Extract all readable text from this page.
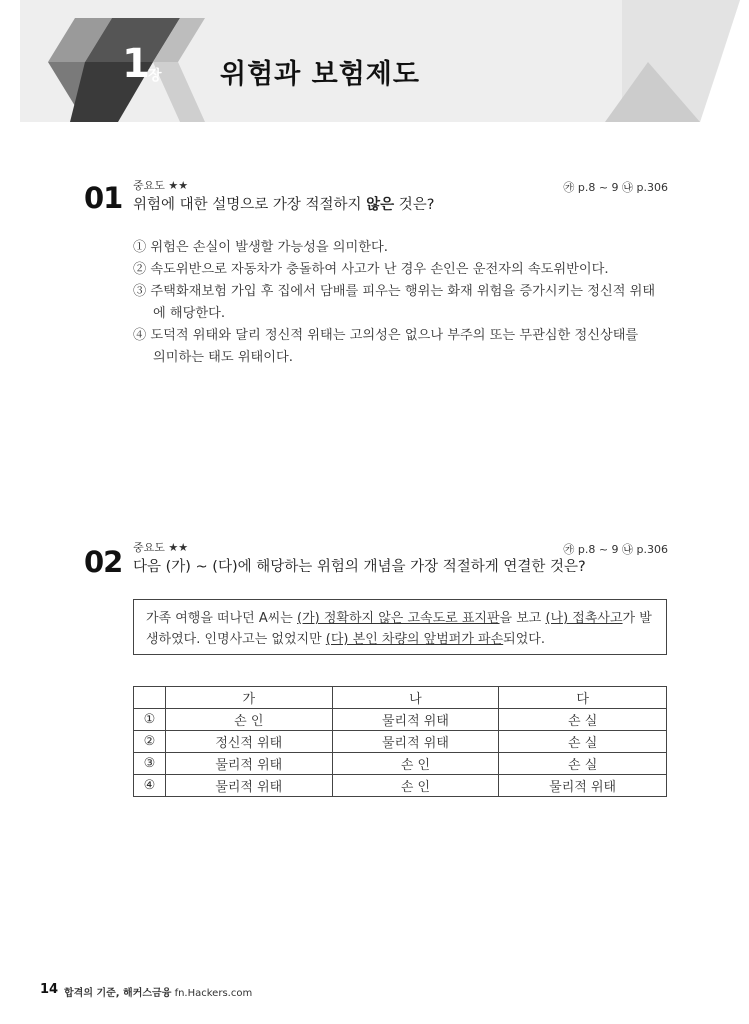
1
장 위험과 보험제도
01 중요도 ★★	㉮ p.8 ~ 9 ㉯ p.306
위험에 대한 설명으로 가장 적절하지 않은 것은?
① 위험은 손실이 발생할 가능성을 의미한다.
② 속도위반으로 자동차가 충돌하여 사고가 난 경우 손인은 운전자의 속도위반이다.
③ 주택화재보험 가입 후 집에서 담배를 피우는 행위는 화재 위험을 증가시키는 정신적 위태
에 해당한다.
④ 도덕적 위태와 달리 정신적 위태는 고의성은 없으나 부주의 또는 무관심한 정신상태를
의미하는 태도 위태이다.
02 중요도 ★★	㉮ p.8 ~ 9 ㉯ p.306
다음 (가) ~ (다)에 해당하는 위험의 개념을 가장 적절하게 연결한 것은?
가족 여행을 떠나던 A씨는 (가) 정확하지 않은 고속도로 표지판을 보고 (나) 접촉사고가 발생하였다. 인명사고는 없었지만 (다) 본인 차량의 앞범퍼가 파손되었다.
	가	나	다
①	손 인	물리적 위태	손 실
②	정신적 위태	물리적 위태	손 실
③	물리적 위태	손 인	손 실
④	물리적 위태	손 인	물리적 위태
14 합격의 기준, 해커스금융 fn.Hackers.com
